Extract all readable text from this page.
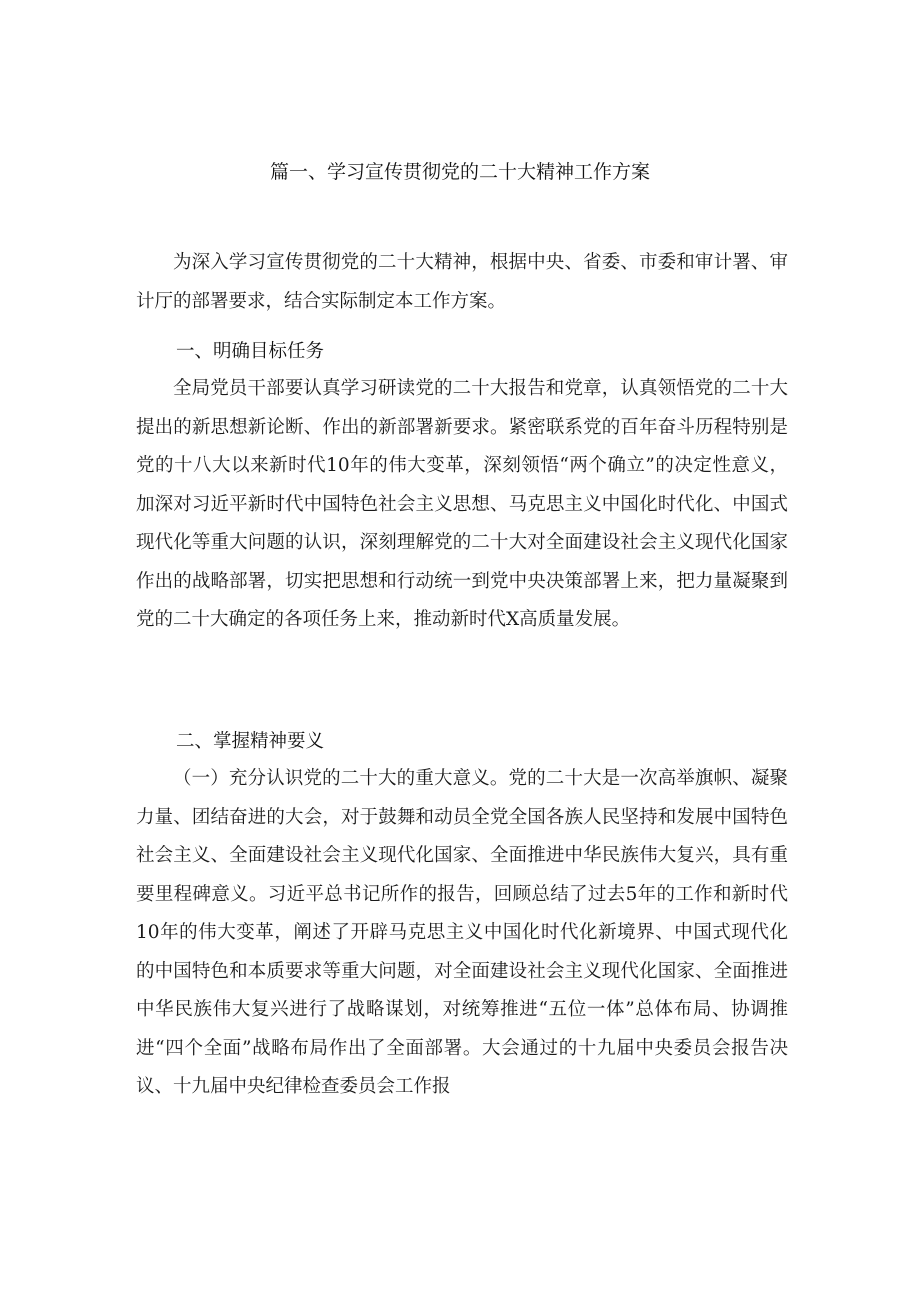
篇一、学习宣传贯彻党的二十大精神工作方案

为深入学习宣传贯彻党的二十大精神，根据中央、省委、市委和审计署、审计厅的部署要求，结合实际制定本工作方案。

一、明确目标任务

全局党员干部要认真学习研读党的二十大报告和党章，认真领悟党的二十大提出的新思想新论断、作出的新部署新要求。紧密联系党的百年奋斗历程特别是党的十八大以来新时代10年的伟大变革，深刻领悟“两个确立”的决定性意义，加深对习近平新时代中国特色社会主义思想、马克思主义中国化时代化、中国式现代化等重大问题的认识，深刻理解党的二十大对全面建设社会主义现代化国家作出的战略部署，切实把思想和行动统一到党中央决策部署上来，把力量凝聚到党的二十大确定的各项任务上来，推动新时代X高质量发展。

二、掌握精神要义

（一）充分认识党的二十大的重大意义。党的二十大是一次高举旗帜、凝聚力量、团结奋进的大会，对于鼓舞和动员全党全国各族人民坚持和发展中国特色社会主义、全面建设社会主义现代化国家、全面推进中华民族伟大复兴，具有重要里程碑意义。习近平总书记所作的报告，回顾总结了过去5年的工作和新时代10年的伟大变革，阐述了开辟马克思主义中国化时代化新境界、中国式现代化的中国特色和本质要求等重大问题，对全面建设社会主义现代化国家、全面推进中华民族伟大复兴进行了战略谋划，对统筹推进“五位一体”总体布局、协调推进“四个全面”战略布局作出了全面部署。大会通过的十九届中央委员会报告决议、十九届中央纪律检查委员会工作报
